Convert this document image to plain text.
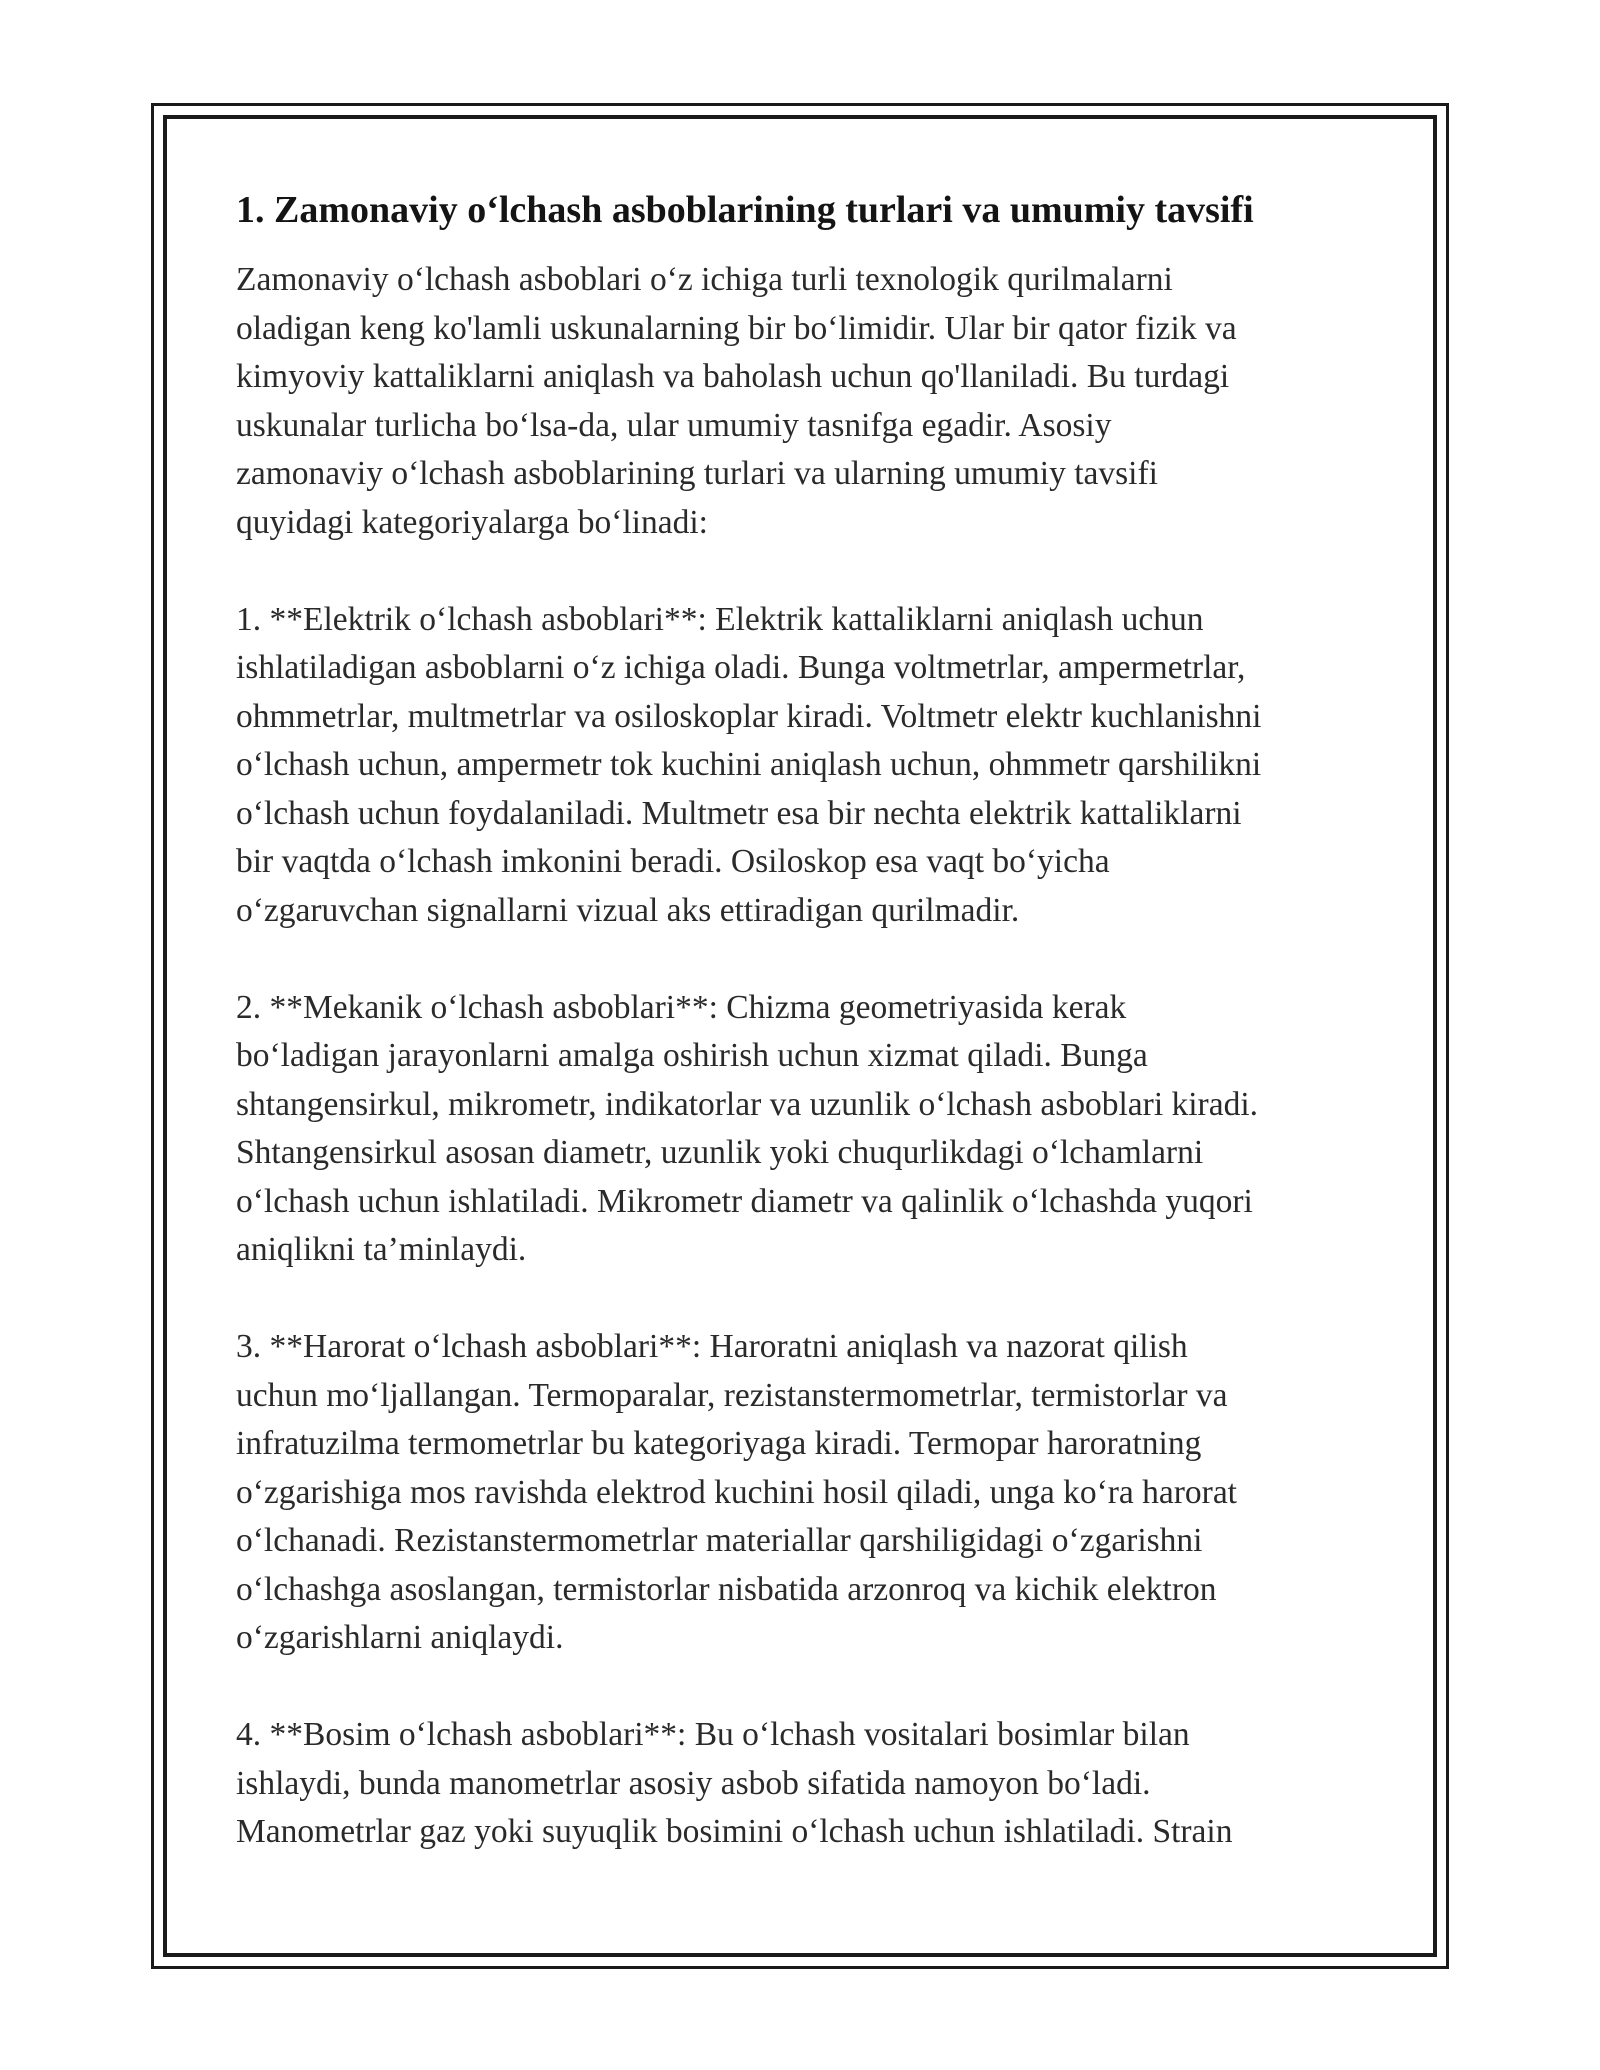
1. Zamonaviy o‘lchash asboblarining turlari va umumiy tavsifi

Zamonaviy o‘lchash asboblari o‘z ichiga turli texnologik qurilmalarni
oladigan keng ko'lamli uskunalarning bir bo‘limidir. Ular bir qator fizik va
kimyoviy kattaliklarni aniqlash va baholash uchun qo'llaniladi. Bu turdagi
uskunalar turlicha bo‘lsa-da, ular umumiy tasnifga egadir. Asosiy
zamonaviy o‘lchash asboblarining turlari va ularning umumiy tavsifi
quyidagi kategoriyalarga bo‘linadi:

1. **Elektrik o‘lchash asboblari**: Elektrik kattaliklarni aniqlash uchun
ishlatiladigan asboblarni o‘z ichiga oladi. Bunga voltmetrlar, ampermetrlar,
ohmmetrlar, multmetrlar va osiloskoplar kiradi. Voltmetr elektr kuchlanishni
o‘lchash uchun, ampermetr tok kuchini aniqlash uchun, ohmmetr qarshilikni
o‘lchash uchun foydalaniladi. Multmetr esa bir nechta elektrik kattaliklarni
bir vaqtda o‘lchash imkonini beradi. Osiloskop esa vaqt bo‘yicha
o‘zgaruvchan signallarni vizual aks ettiradigan qurilmadir.

2. **Mekanik o‘lchash asboblari**: Chizma geometriyasida kerak
bo‘ladigan jarayonlarni amalga oshirish uchun xizmat qiladi. Bunga
shtangensirkul, mikrometr, indikatorlar va uzunlik o‘lchash asboblari kiradi.
Shtangensirkul asosan diametr, uzunlik yoki chuqurlikdagi o‘lchamlarni
o‘lchash uchun ishlatiladi. Mikrometr diametr va qalinlik o‘lchashda yuqori
aniqlikni ta’minlaydi.

3. **Harorat o‘lchash asboblari**: Haroratni aniqlash va nazorat qilish
uchun mo‘ljallangan. Termoparalar, rezistanstermometrlar, termistorlar va
infratuzilma termometrlar bu kategoriyaga kiradi. Termopar haroratning
o‘zgarishiga mos ravishda elektrod kuchini hosil qiladi, unga ko‘ra harorat
o‘lchanadi. Rezistanstermometrlar materiallar qarshiligidagi o‘zgarishni
o‘lchashga asoslangan, termistorlar nisbatida arzonroq va kichik elektron
o‘zgarishlarni aniqlaydi.

4. **Bosim o‘lchash asboblari**: Bu o‘lchash vositalari bosimlar bilan
ishlaydi, bunda manometrlar asosiy asbob sifatida namoyon bo‘ladi.
Manometrlar gaz yoki suyuqlik bosimini o‘lchash uchun ishlatiladi. Strain
